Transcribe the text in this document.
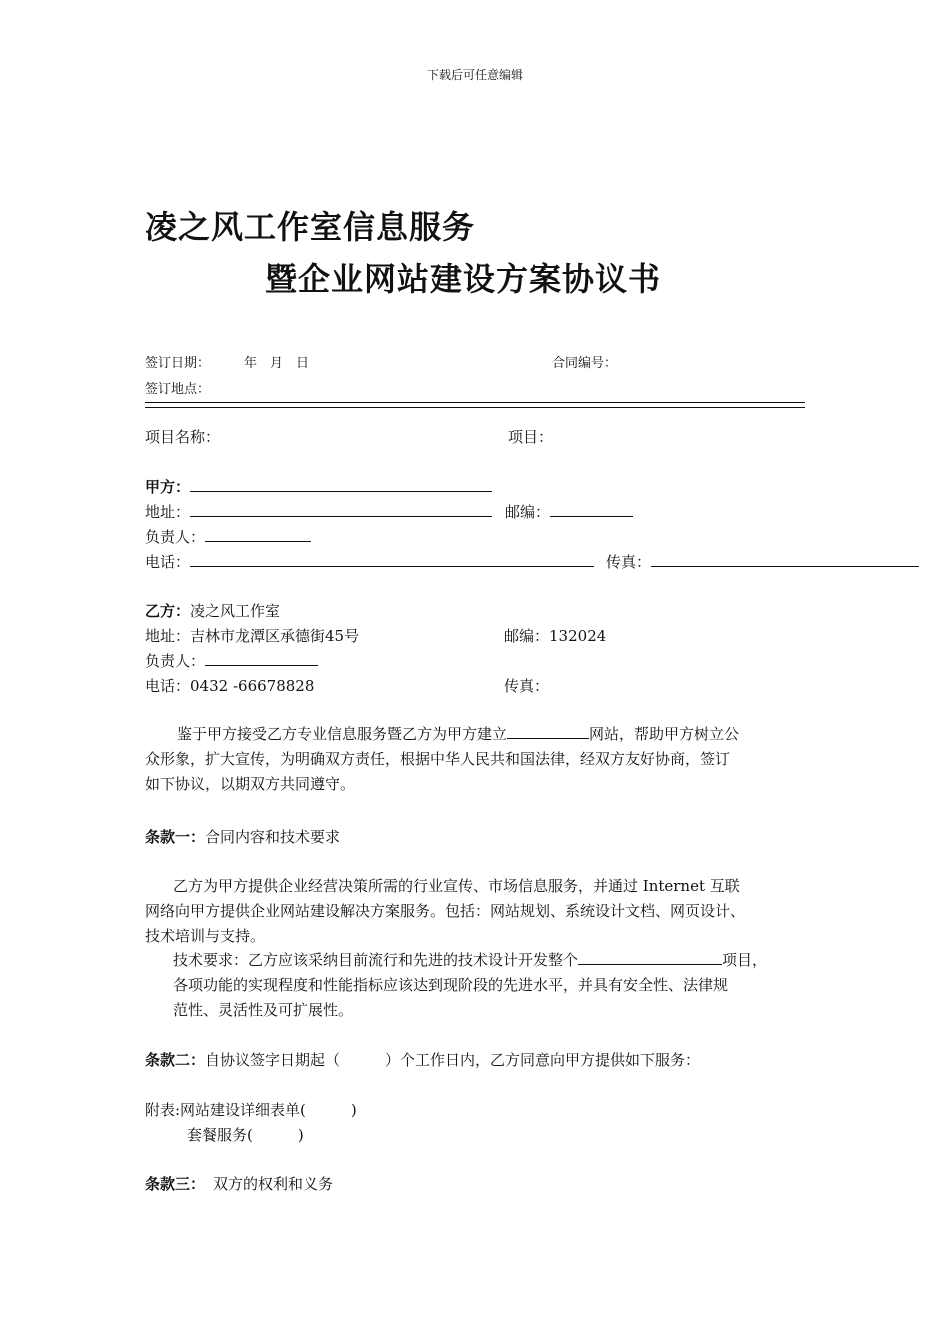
下载后可任意编辑
凌之风工作室信息服务
暨企业网站建设方案协议书
签订日期：	年　月　日	合同编号：
签订地点：
项目名称：	项目：
甲方：
地址：	邮编：
负责人：
电话：	传真：
乙方：凌之风工作室
地址：吉林市龙潭区承德街45号	邮编：132024
负责人：
电话：0432 -66678828	传真：
鉴于甲方接受乙方专业信息服务暨乙方为甲方建立	网站，帮助甲方树立公
众形象，扩大宣传，为明确双方责任，根据中华人民共和国法律，经双方友好协商，签订
如下协议，以期双方共同遵守。
条款一：合同内容和技术要求
乙方为甲方提供企业经营决策所需的行业宣传、市场信息服务，并通过 Internet 互联
网络向甲方提供企业网站建设解决方案服务。包括：网站规划、系统设计文档、网页设计、
技术培训与支持。
技术要求：乙方应该采纳目前流行和先进的技术设计开发整个	项目，
各项功能的实现程度和性能指标应该达到现阶段的先进水平，并具有安全性、法律规
范性、灵活性及可扩展性。
条款二：自协议签字日期起（　　　）个工作日内，乙方同意向甲方提供如下服务：
附表:网站建设详细表单(　　　)
套餐服务(　　　)
条款三： 双方的权利和义务
